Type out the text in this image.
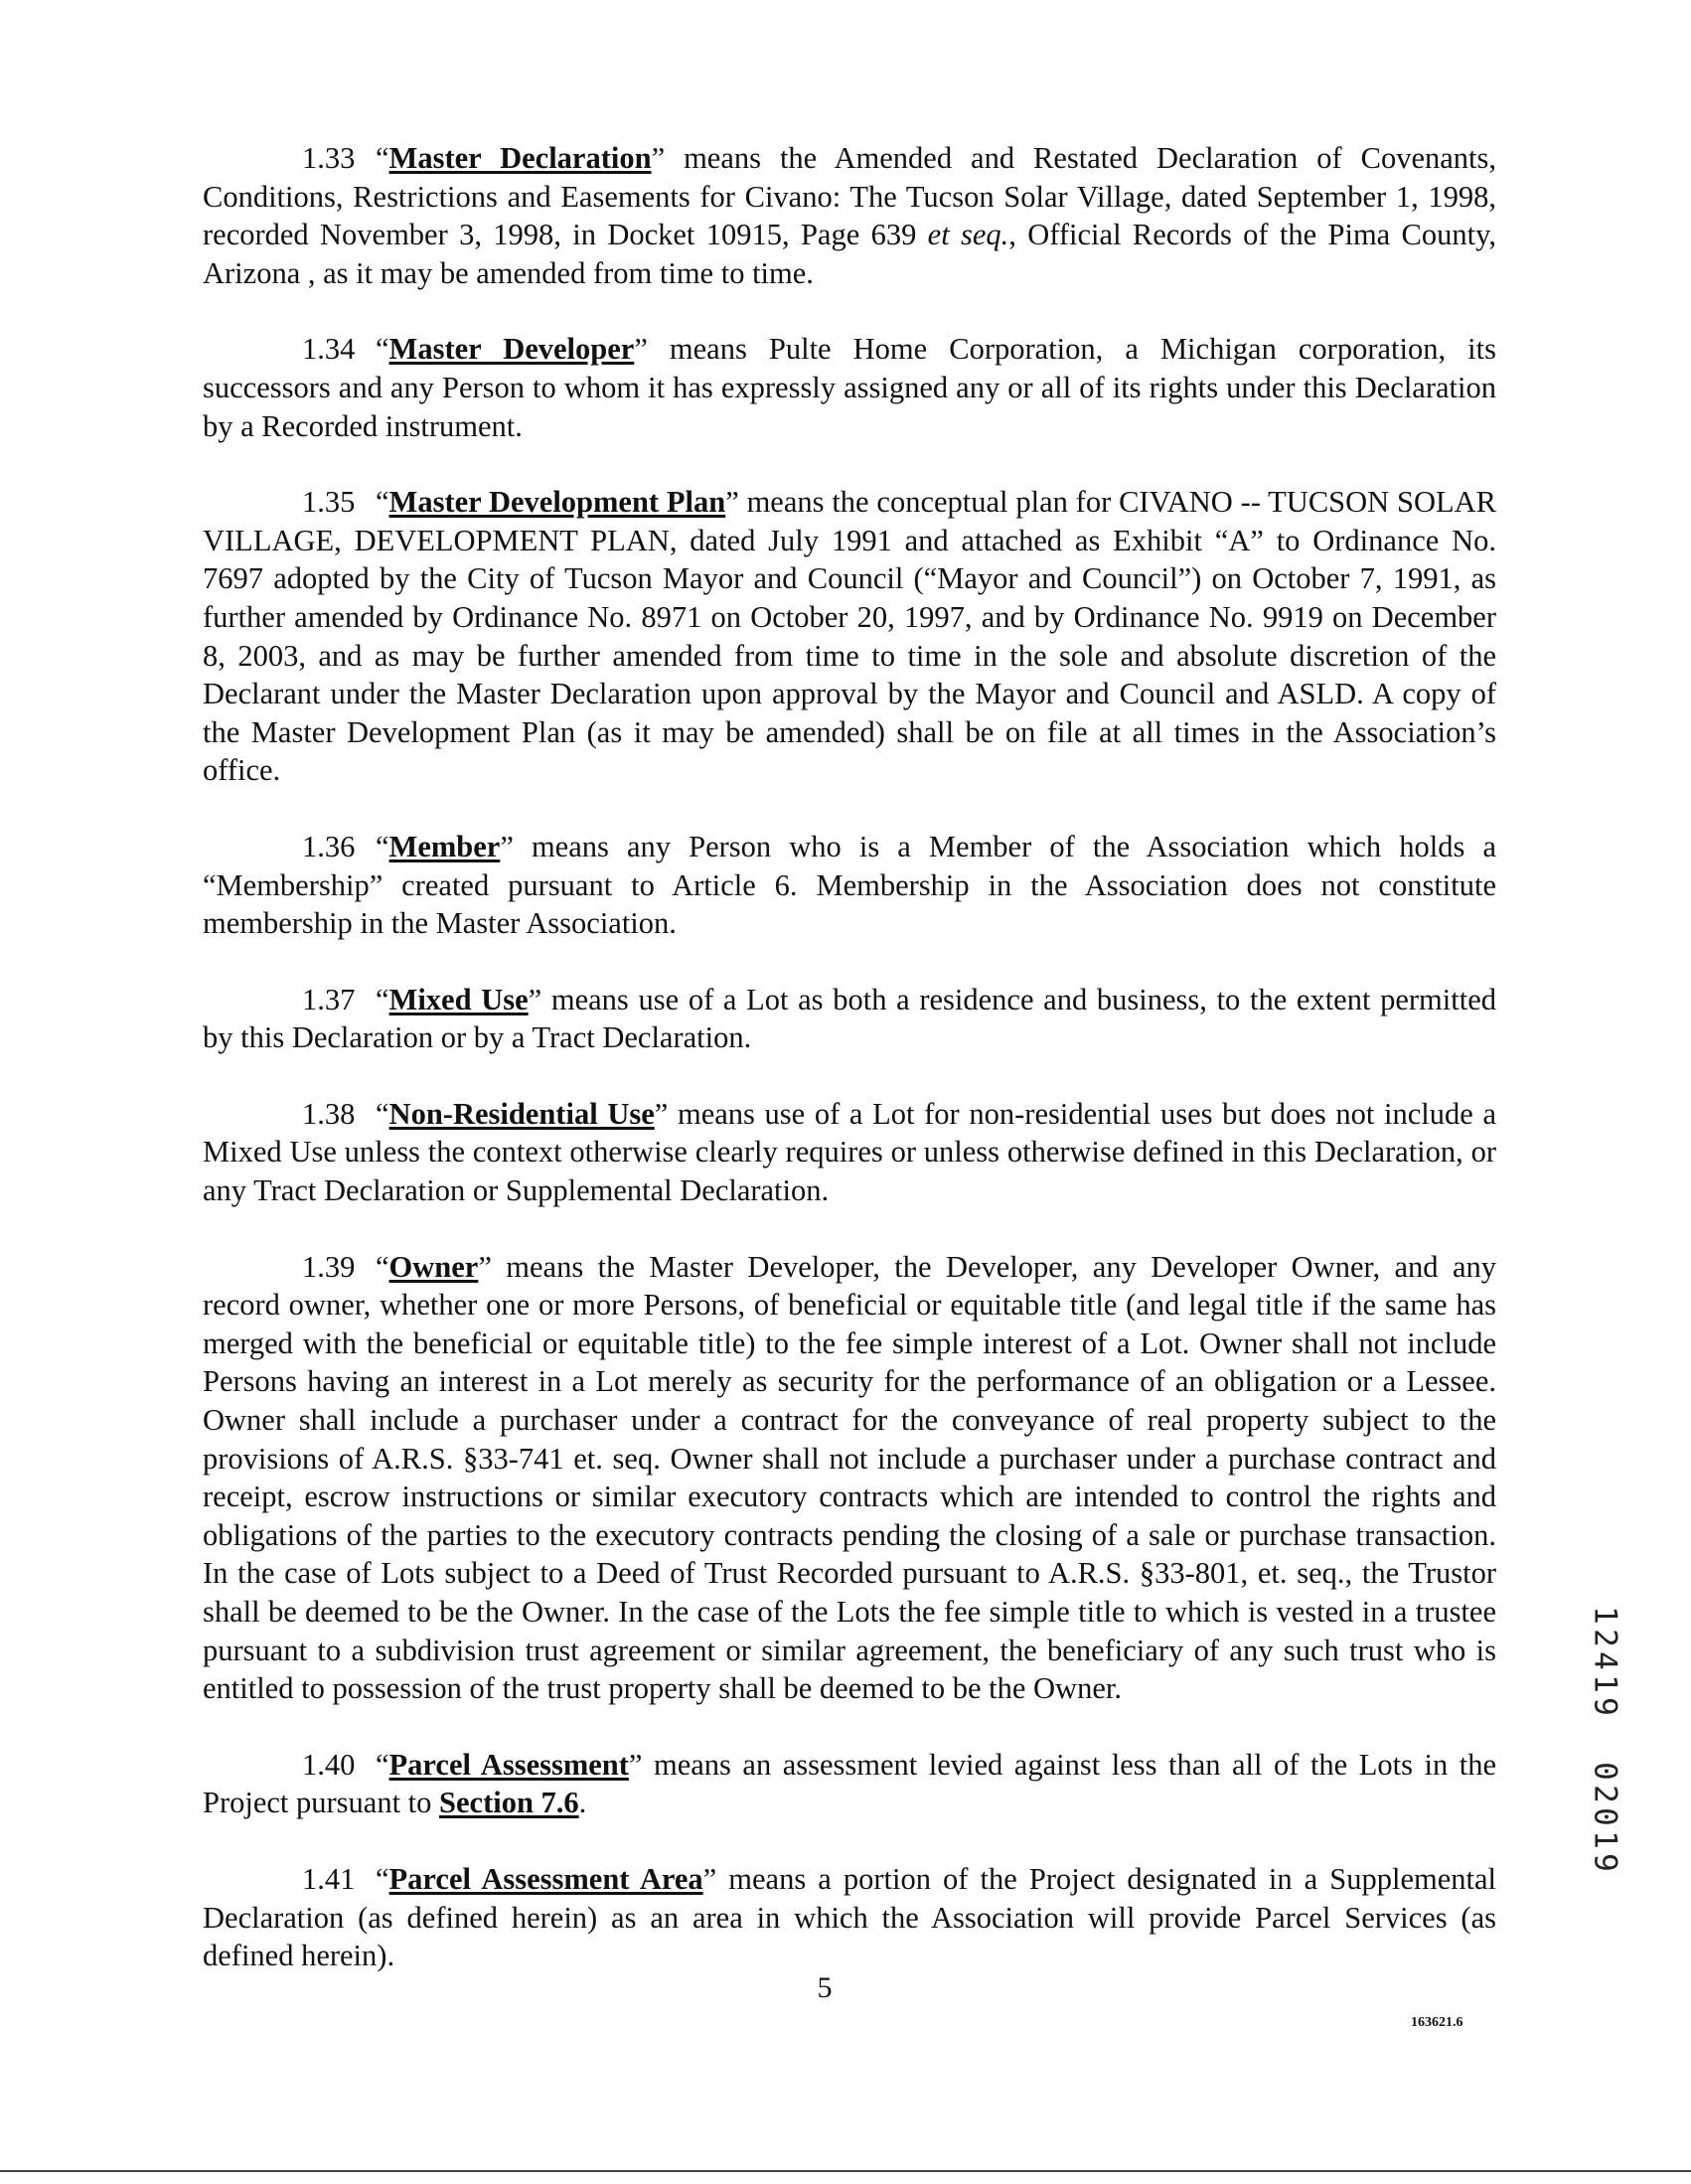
1.33 “Master Declaration” means the Amended and Restated Declaration of Covenants, Conditions, Restrictions and Easements for Civano: The Tucson Solar Village, dated September 1, 1998, recorded November 3, 1998, in Docket 10915, Page 639 et seq., Official Records of the Pima County, Arizona , as it may be amended from time to time.

1.34 “Master Developer” means Pulte Home Corporation, a Michigan corporation, its successors and any Person to whom it has expressly assigned any or all of its rights under this Declaration by a Recorded instrument.

1.35 “Master Development Plan” means the conceptual plan for CIVANO -- TUCSON SOLAR VILLAGE, DEVELOPMENT PLAN, dated July 1991 and attached as Exhibit “A” to Ordinance No. 7697 adopted by the City of Tucson Mayor and Council (“Mayor and Council”) on October 7, 1991, as further amended by Ordinance No. 8971 on October 20, 1997, and by Ordinance No. 9919 on December 8, 2003, and as may be further amended from time to time in the sole and absolute discretion of the Declarant under the Master Declaration upon approval by the Mayor and Council and ASLD. A copy of the Master Development Plan (as it may be amended) shall be on file at all times in the Association’s office.

1.36 “Member” means any Person who is a Member of the Association which holds a “Membership” created pursuant to Article 6. Membership in the Association does not constitute membership in the Master Association.

1.37 “Mixed Use” means use of a Lot as both a residence and business, to the extent permitted by this Declaration or by a Tract Declaration.

1.38 “Non-Residential Use” means use of a Lot for non-residential uses but does not include a Mixed Use unless the context otherwise clearly requires or unless otherwise defined in this Declaration, or any Tract Declaration or Supplemental Declaration.

1.39 “Owner” means the Master Developer, the Developer, any Developer Owner, and any record owner, whether one or more Persons, of beneficial or equitable title (and legal title if the same has merged with the beneficial or equitable title) to the fee simple interest of a Lot. Owner shall not include Persons having an interest in a Lot merely as security for the performance of an obligation or a Lessee. Owner shall include a purchaser under a contract for the conveyance of real property subject to the provisions of A.R.S. §33-741 et. seq. Owner shall not include a purchaser under a purchase contract and receipt, escrow instructions or similar executory contracts which are intended to control the rights and obligations of the parties to the executory contracts pending the closing of a sale or purchase transaction. In the case of Lots subject to a Deed of Trust Recorded pursuant to A.R.S. §33-801, et. seq., the Trustor shall be deemed to be the Owner. In the case of the Lots the fee simple title to which is vested in a trustee pursuant to a subdivision trust agreement or similar agreement, the beneficiary of any such trust who is entitled to possession of the trust property shall be deemed to be the Owner.

1.40 “Parcel Assessment” means an assessment levied against less than all of the Lots in the Project pursuant to Section 7.6.

1.41 “Parcel Assessment Area” means a portion of the Project designated in a Supplemental Declaration (as defined herein) as an area in which the Association will provide Parcel Services (as defined herein).

5
163621.6
1
2
4
1
9
0
2
0
1
9
